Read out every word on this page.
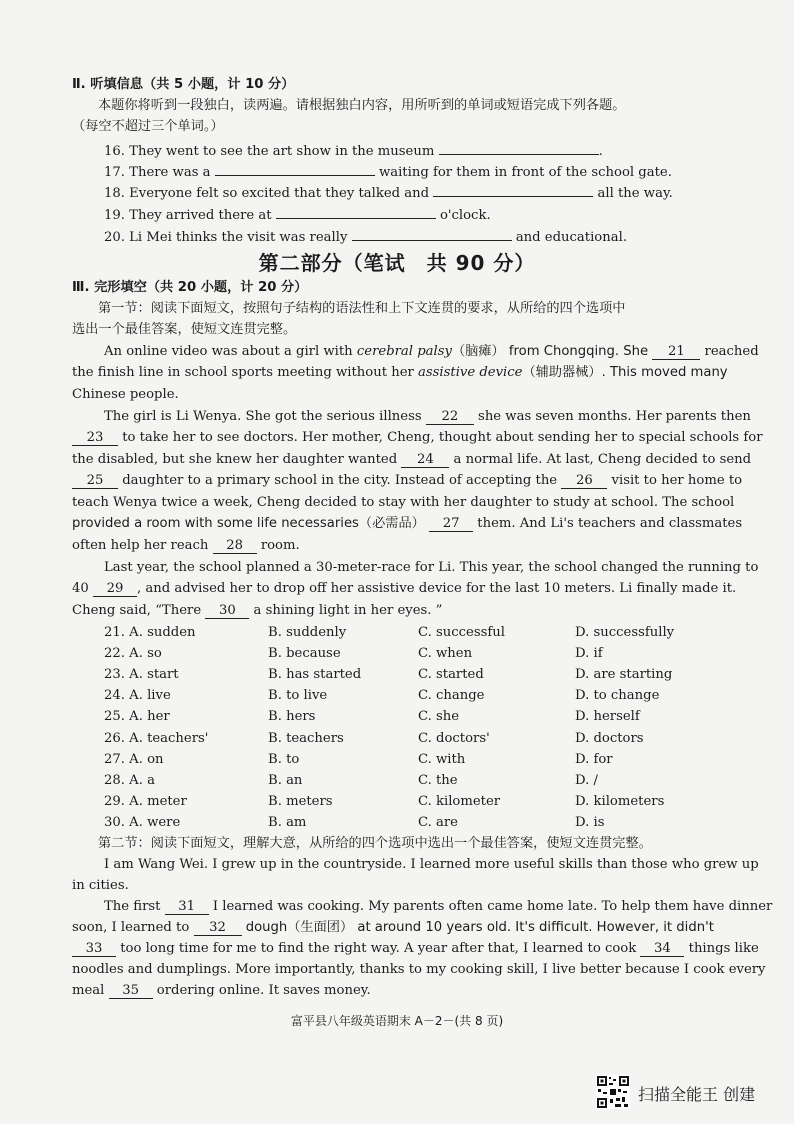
Ⅱ. 听填信息（共 5 小题，计 10 分）
本题你将听到一段独白，读两遍。请根据独白内容，用所听到的单词或短语完成下列各题。
（每空不超过三个单词。）
16. They went to see the art show in the museum	.
17. There was a	waiting for them in front of the school gate.
18. Everyone felt so excited that they talked and	all the way.
19. They arrived there at	o'clock.
20. Li Mei thinks the visit was really	and educational.
第二部分（笔试　共 90 分）
Ⅲ. 完形填空（共 20 小题，计 20 分）
第一节：阅读下面短文，按照句子结构的语法性和上下文连贯的要求，从所给的四个选项中
选出一个最佳答案，使短文连贯完整。
An online video was about a girl with cerebral palsy（脑瘫） from Chongqing. She 21 reached
the finish line in school sports meeting without her assistive device（辅助器械）. This moved many
Chinese people.
The girl is Li Wenya. She got the serious illness 22 she was seven months. Her parents then
23 to take her to see doctors. Her mother, Cheng, thought about sending her to special schools for
the disabled, but she knew her daughter wanted 24 a normal life. At last, Cheng decided to send
25 daughter to a primary school in the city. Instead of accepting the 26 visit to her home to
teach Wenya twice a week, Cheng decided to stay with her daughter to study at school. The school
provided a room with some life necessaries（必需品） 27 them. And Li's teachers and classmates
often help her reach 28 room.
Last year, the school planned a 30-meter-race for Li. This year, the school changed the running to
40 29 , and advised her to drop off her assistive device for the last 10 meters. Li finally made it.
Cheng said, “There 30 a shining light in her eyes. ”
21. A. sudden	B. suddenly	C. successful	D. successfully
22. A. so	B. because	C. when	D. if
23. A. start	B. has started	C. started	D. are starting
24. A. live	B. to live	C. change	D. to change
25. A. her	B. hers	C. she	D. herself
26. A. teachers'	B. teachers	C. doctors'	D. doctors
27. A. on	B. to	C. with	D. for
28. A. a	B. an	C. the	D. /
29. A. meter	B. meters	C. kilometer	D. kilometers
30. A. were	B. am	C. are	D. is
第二节：阅读下面短文，理解大意，从所给的四个选项中选出一个最佳答案，使短文连贯完整。
I am Wang Wei. I grew up in the countryside. I learned more useful skills than those who grew up
in cities.
The first 31 I learned was cooking. My parents often came home late. To help them have dinner
soon, I learned to 32 dough（生面团） at around 10 years old. It's difficult. However, it didn't
33 too long time for me to find the right way. A year after that, I learned to cook 34 things like
noodles and dumplings. More importantly, thanks to my cooking skill, I live better because I cook every
meal 35 ordering online. It saves money.
富平县八年级英语期末 A－2－(共 8 页)
扫描全能王 创建
